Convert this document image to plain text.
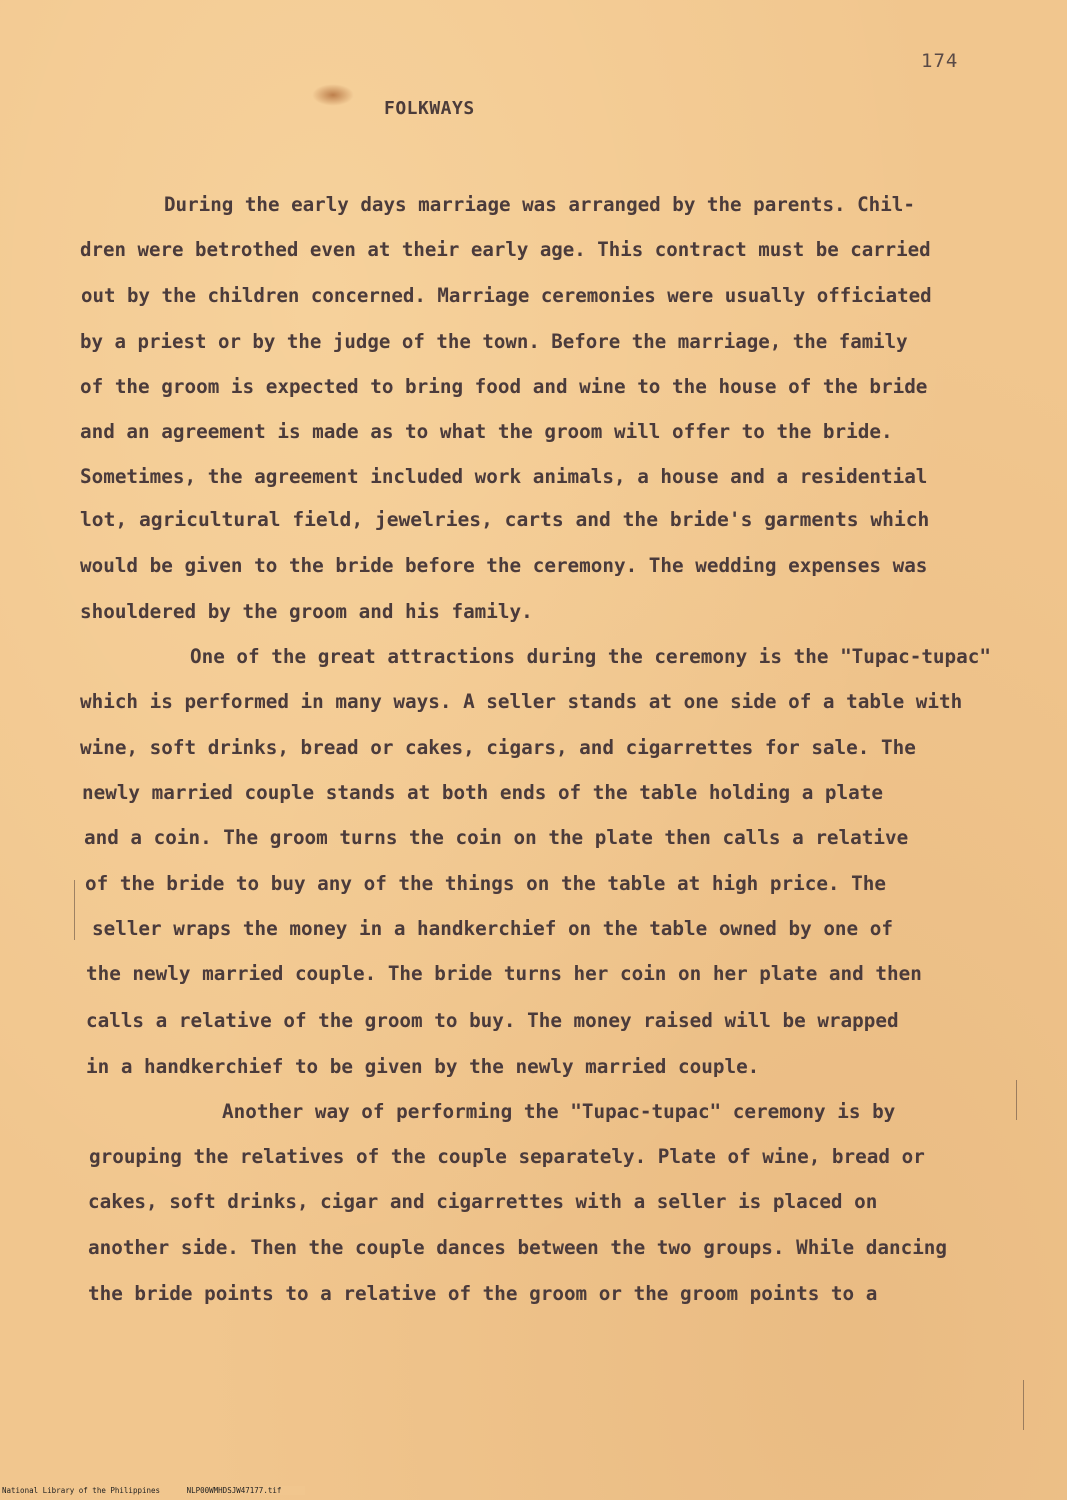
174
FOLKWAYS
During the early days marriage was arranged by the parents. Chil-
dren were betrothed even at their early age. This contract must be carried
out by the children concerned. Marriage ceremonies were usually officiated
by a priest or by the judge of the town. Before the marriage, the family
of the groom is expected to bring food and wine to the house of the bride
and an agreement is made as to what the groom will offer to the bride.
Sometimes, the agreement included work animals, a house and a residential
lot, agricultural field, jewelries, carts and the bride's garments which
would be given to the bride before the ceremony. The wedding expenses was
shouldered by the groom and his family.
One of the great attractions during the ceremony is the "Tupac-tupac"
which is performed in many ways. A seller stands at one side of a table with
wine, soft drinks, bread or cakes, cigars, and cigarrettes for sale. The
newly married couple stands at both ends of the table holding a plate
and a coin. The groom turns the coin on the plate then calls a relative
of the bride to buy any of the things on the table at high price. The
seller wraps the money in a handkerchief on the table owned by one of
the newly married couple. The bride turns her coin on her plate and then
calls a relative of the groom to buy. The money raised will be wrapped
in a handkerchief to be given by the newly married couple.
Another way of performing the "Tupac-tupac" ceremony is by
grouping the relatives of the couple separately. Plate of wine, bread or
cakes, soft drinks, cigar and cigarrettes with a seller is placed on
another side. Then the couple dances between the two groups. While dancing
the bride points to a relative of the groom or the groom points to a
National Library of the Philippines	NLP00WMHDSJW47177.tif
